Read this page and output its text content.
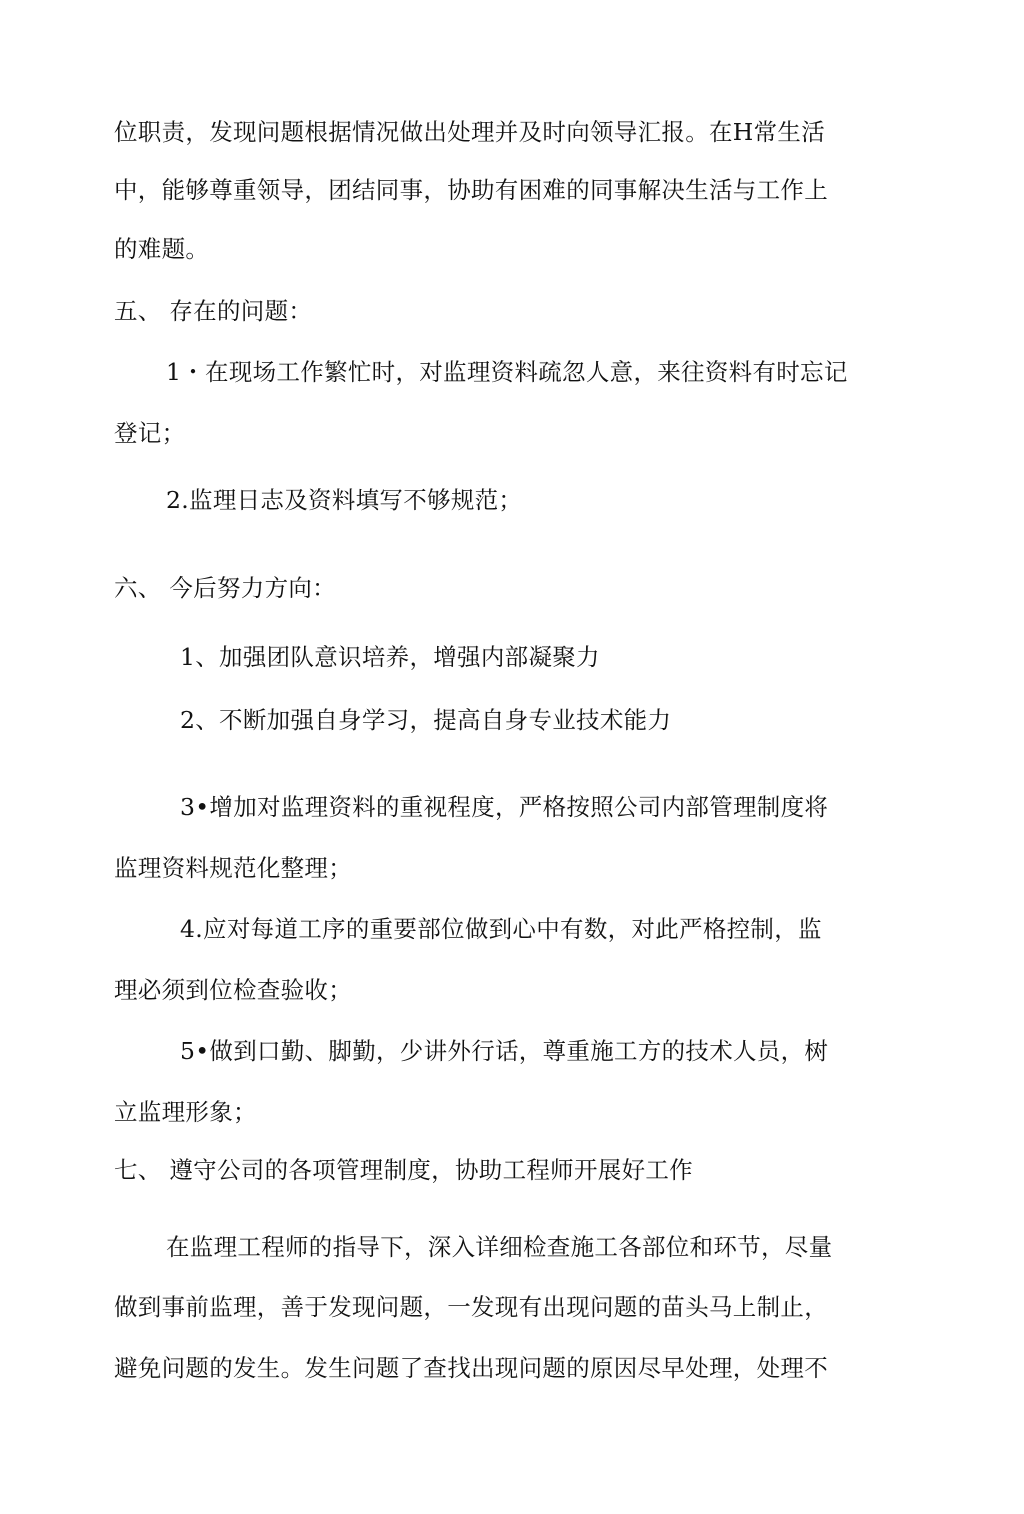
位职责，发现问题根据情况做出处理并及时向领导汇报。在H常生活
中，能够尊重领导，团结同事，协助有困难的同事解决生活与工作上
的难题。
五、 存在的问题：
1・在现场工作繁忙时，对监理资料疏忽人意，来往资料有时忘记
登记；
2.监理日志及资料填写不够规范；
六、 今后努力方向：
1、加强团队意识培养，增强内部凝聚力
2、不断加强自身学习，提高自身专业技术能力
3•增加对监理资料的重视程度，严格按照公司内部管理制度将
监理资料规范化整理；
4.应对每道工序的重要部位做到心中有数，对此严格控制，监
理必须到位检查验收；
5•做到口勤、脚勤，少讲外行话，尊重施工方的技术人员，树
立监理形象；
七、 遵守公司的各项管理制度，协助工程师开展好工作
在监理工程师的指导下，深入详细检查施工各部位和环节，尽量
做到事前监理，善于发现问题，一发现有出现问题的苗头马上制止，
避免问题的发生。发生问题了查找出现问题的原因尽早处理，处理不
